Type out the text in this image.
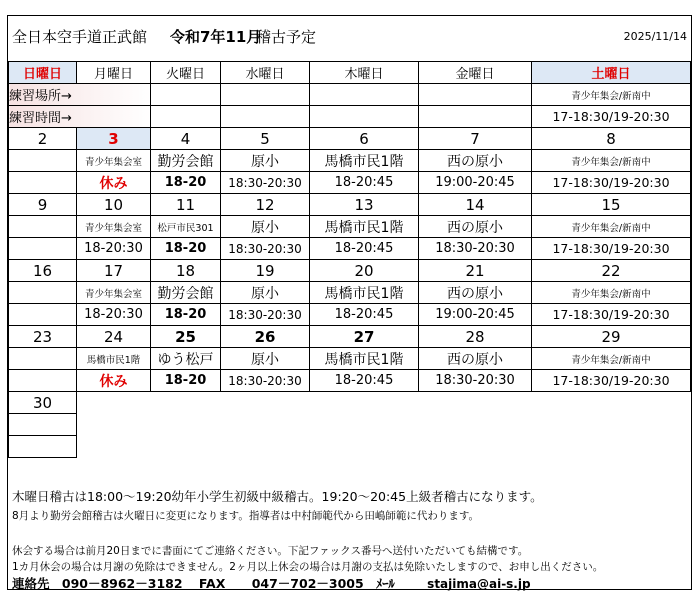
全日本空手道正武館 令和7年11月
稽古予定	2025/11/14
日曜日	月曜日	火曜日	水曜日	木曜日	金曜日	土曜日
練習場所→						青少年集会/新南中
練習時間→						17-18:30/19-20:30
2	3	4	5	6	7	8
	青少年集会室	勤労会館	原小	馬橋市民1階	西の原小	青少年集会/新南中
	休み	18-20	18:30-20:30	18-20:45	19:00-20:45	17-18:30/19-20:30
9	10	11	12	13	14	15
	青少年集会室	松戸市民301	原小	馬橋市民1階	西の原小	青少年集会/新南中
	18-20:30	18-20	18:30-20:30	18-20:45	18:30-20:30	17-18:30/19-20:30
16	17	18	19	20	21	22
	青少年集会室	勤労会館	原小	馬橋市民1階	西の原小	青少年集会/新南中
	18-20:30	18-20	18:30-20:30	18-20:45	19:00-20:45	17-18:30/19-20:30
23	24	25	26	27	28	29
	馬橋市民1階	ゆう松戸	原小	馬橋市民1階	西の原小	青少年集会/新南中
	休み	18-20	18:30-20:30	18-20:45	18:30-20:30	17-18:30/19-20:30
30						

木曜日稽古は18:00～19:20幼年小学生初級中級稽古。19:20～20:45上級者稽古になります。
8月より勤労会館稽古は火曜日に変更になります。指導者は中村師範代から田嶋師範に代わります。
休会する場合は前月20日までに書面にてご連絡ください。下記ファックス番号へ送付いただいても結構です。
1カ月休会の場合は月謝の免除はできません。2ヶ月以上休会の場合は月謝の支払は免除いたしますので、お申し出ください。
連絡先 090－8962－3182 FAX 047－702－3005 ﾒｰﾙ	stajima@ai-s.jp
